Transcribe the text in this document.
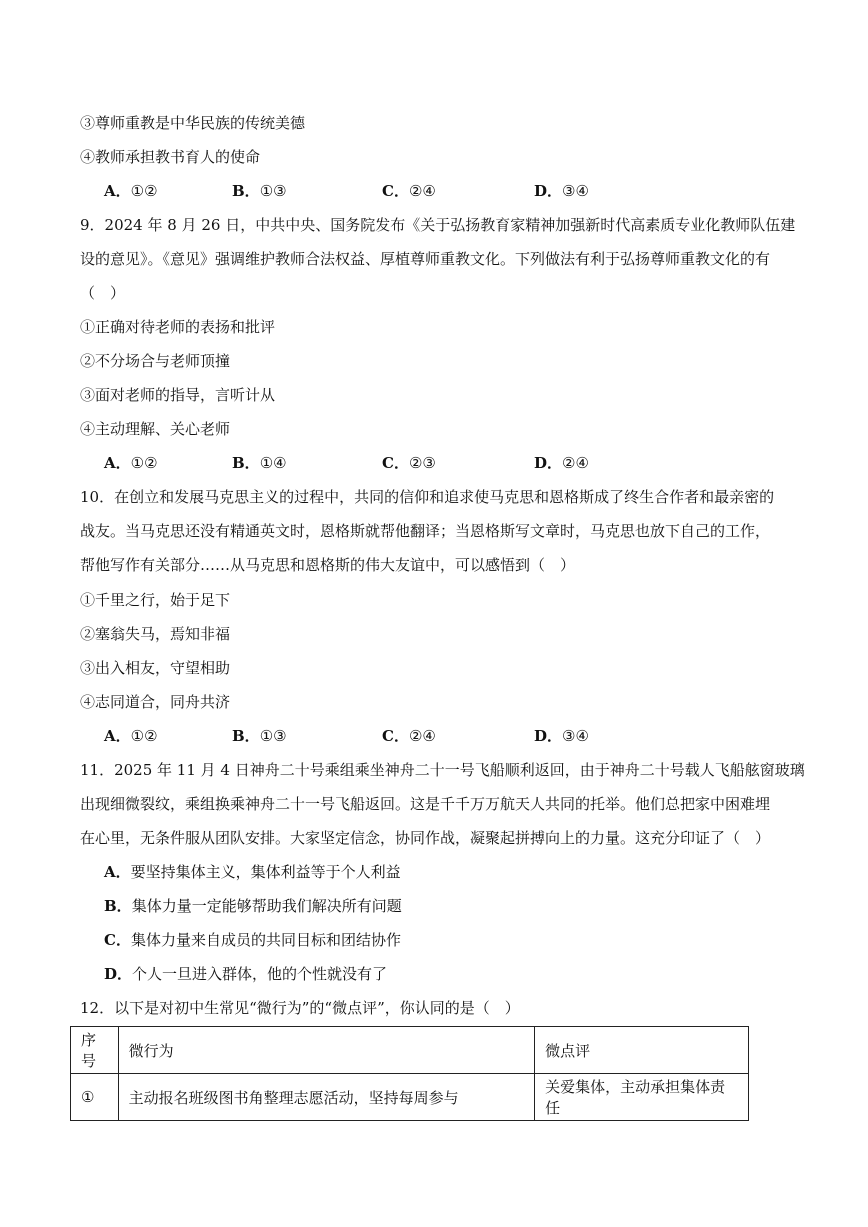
③尊师重教是中华民族的传统美德
④教师承担教书育人的使命
A．①②	B．①③	C．②④	D．③④
9．2024 年 8 月 26 日，中共中央、国务院发布《关于弘扬教育家精神加强新时代高素质专业化教师队伍建
设的意见》。《意见》强调维护教师合法权益、厚植尊师重教文化。下列做法有利于弘扬尊师重教文化的有
（　）
①正确对待老师的表扬和批评
②不分场合与老师顶撞
③面对老师的指导，言听计从
④主动理解、关心老师
A．①②	B．①④	C．②③	D．②④
10．在创立和发展马克思主义的过程中，共同的信仰和追求使马克思和恩格斯成了终生合作者和最亲密的
战友。当马克思还没有精通英文时，恩格斯就帮他翻译；当恩格斯写文章时，马克思也放下自己的工作，
帮他写作有关部分……从马克思和恩格斯的伟大友谊中，可以感悟到（　）
①千里之行，始于足下
②塞翁失马，焉知非福
③出入相友，守望相助
④志同道合，同舟共济
A．①②	B．①③	C．②④	D．③④
11．2025 年 11 月 4 日神舟二十号乘组乘坐神舟二十一号飞船顺利返回，由于神舟二十号载人飞船舷窗玻璃
出现细微裂纹，乘组换乘神舟二十一号飞船返回。这是千千万万航天人共同的托举。他们总把家中困难埋
在心里，无条件服从团队安排。大家坚定信念，协同作战，凝聚起拼搏向上的力量。这充分印证了（　）
A．要坚持集体主义，集体利益等于个人利益
B．集体力量一定能够帮助我们解决所有问题
C．集体力量来自成员的共同目标和团结协作
D．个人一旦进入群体，他的个性就没有了
12．以下是对初中生常见“微行为”的“微点评”，你认同的是（　）
序号	微行为	微点评
①	主动报名班级图书角整理志愿活动，坚持每周参与	关爱集体，主动承担集体责任
